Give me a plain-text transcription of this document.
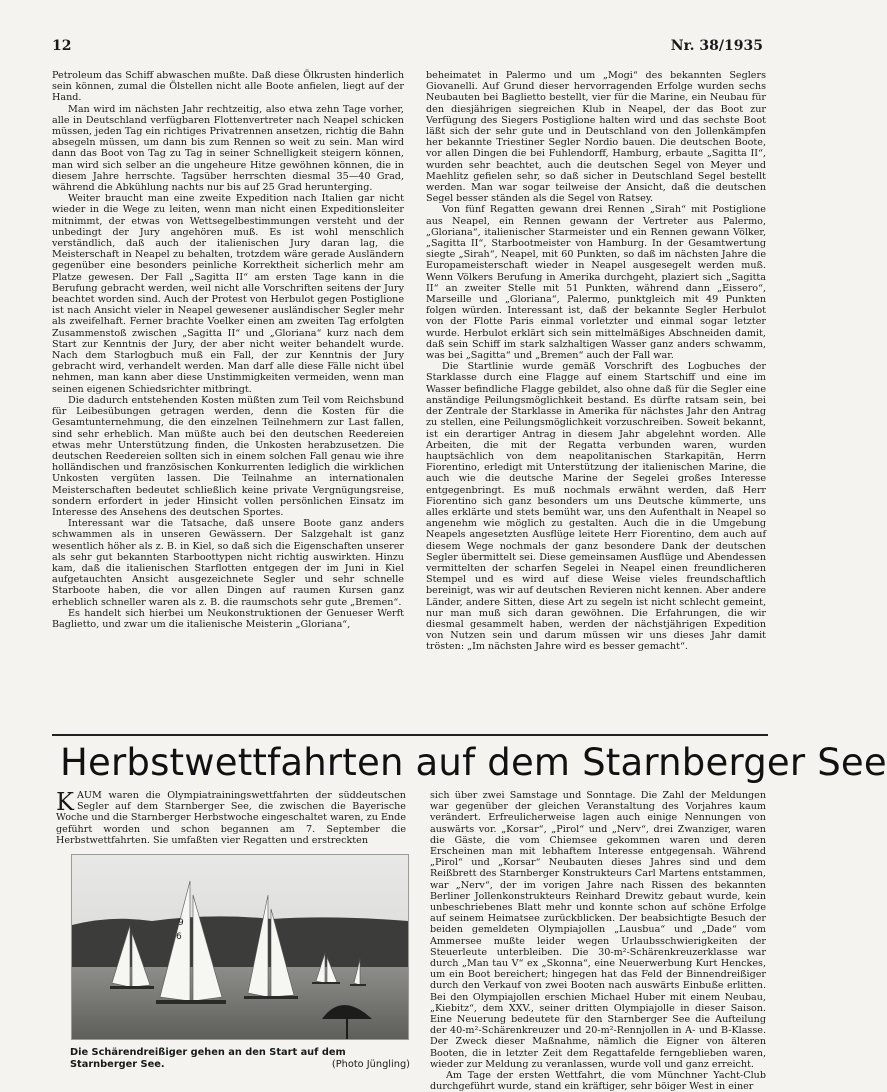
12	Nr. 38/1935

Petroleum das Schiff abwaschen mußte. Daß diese Ölkrusten hinderlich sein können, zumal die Ölstellen nicht alle Boote anfielen, liegt auf der Hand.

Man wird im nächsten Jahr rechtzeitig, also etwa zehn Tage vorher, alle in Deutschland verfügbaren Flottenvertreter nach Neapel schicken müssen, jeden Tag ein richtiges Privatrennen ansetzen, richtig die Bahn absegeln müssen, um dann bis zum Rennen so weit zu sein. Man wird dann das Boot von Tag zu Tag in seiner Schnelligkeit steigern können, man wird sich selber an die ungeheure Hitze gewöhnen können, die in diesem Jahre herrschte. Tagsüber herrschten diesmal 35—40 Grad, während die Abkühlung nachts nur bis auf 25 Grad herunterging.

Weiter braucht man eine zweite Expedition nach Italien gar nicht wieder in die Wege zu leiten, wenn man nicht einen Expeditionsleiter mitnimmt, der etwas von Wettsegelbestimmungen versteht und der unbedingt der Jury angehören muß. Es ist wohl menschlich verständlich, daß auch der italienischen Jury daran lag, die Meisterschaft in Neapel zu behalten, trotzdem wäre gerade Ausländern gegenüber eine besonders peinliche Korrektheit sicherlich mehr am Platze gewesen. Der Fall „Sagitta II“ am ersten Tage kann in die Berufung gebracht werden, weil nicht alle Vorschriften seitens der Jury beachtet worden sind. Auch der Protest von Herbulot gegen Postiglione ist nach Ansicht vieler in Neapel gewesener ausländischer Segler mehr als zweifelhaft. Ferner brachte Voelker einen am zweiten Tag erfolgten Zusammenstoß zwischen „Sagitta II“ und „Gloriana“ kurz nach dem Start zur Kenntnis der Jury, der aber nicht weiter behandelt wurde. Nach dem Starlogbuch muß ein Fall, der zur Kenntnis der Jury gebracht wird, verhandelt werden. Man darf alle diese Fälle nicht übel nehmen, man kann aber diese Unstimmigkeiten vermeiden, wenn man seinen eigenen Schiedsrichter mitbringt.

Die dadurch entstehenden Kosten müßten zum Teil vom Reichsbund für Leibesübungen getragen werden, denn die Kosten für die Gesamtunternehmung, die den einzelnen Teilnehmern zur Last fallen, sind sehr erheblich. Man müßte auch bei den deutschen Reedereien etwas mehr Unterstützung finden, die Unkosten herabzusetzen. Die deutschen Reedereien sollten sich in einem solchen Fall genau wie ihre holländischen und französischen Konkurrenten lediglich die wirklichen Unkosten vergüten lassen. Die Teilnahme an internationalen Meisterschaften bedeutet schließlich keine private Vergnügungsreise, sondern erfordert in jeder Hinsicht vollen persönlichen Einsatz im Interesse des Ansehens des deutschen Sportes.

Interessant war die Tatsache, daß unsere Boote ganz anders schwammen als in unseren Gewässern. Der Salzgehalt ist ganz wesentlich höher als z. B. in Kiel, so daß sich die Eigenschaften unserer als sehr gut bekannten Starboottypen nicht richtig auswirkten. Hinzu kam, daß die italienischen Starflotten entgegen der im Juni in Kiel aufgetauchten Ansicht ausgezeichnete Segler und sehr schnelle Starboote haben, die vor allen Dingen auf raumen Kursen ganz erheblich schneller waren als z. B. die raumschots sehr gute „Bremen“.

Es handelt sich hierbei um Neukonstruktionen der Genueser Werft Baglietto, und zwar um die italienische Meisterin „Gloriana“,

beheimatet in Palermo und um „Mogi“ des bekannten Seglers Giovanelli. Auf Grund dieser hervorragenden Erfolge wurden sechs Neubauten bei Baglietto bestellt, vier für die Marine, ein Neubau für den diesjährigen siegreichen Klub in Neapel, der das Boot zur Verfügung des Siegers Postiglione halten wird und das sechste Boot läßt sich der sehr gute und in Deutschland von den Jollenkämpfen her bekannte Triestiner Segler Nordio bauen. Die deutschen Boote, vor allen Dingen die bei Fuhlendorff, Hamburg, erbaute „Sagitta II“, wurden sehr beachtet, auch die deutschen Segel von Meyer und Maehlitz gefielen sehr, so daß sicher in Deutschland Segel bestellt werden. Man war sogar teilweise der Ansicht, daß die deutschen Segel besser ständen als die Segel von Ratsey.

Von fünf Regatten gewann drei Rennen „Sirah“ mit Postiglione aus Neapel, ein Rennen gewann der Vertreter aus Palermo, „Gloriana“, italienischer Starmeister und ein Rennen gewann Völker, „Sagitta II“, Starbootmeister von Hamburg. In der Gesamtwertung siegte „Sirah“, Neapel, mit 60 Punkten, so daß im nächsten Jahre die Europameisterschaft wieder in Neapel ausgesegelt werden muß. Wenn Völkers Berufung in Amerika durchgeht, plaziert sich „Sagitta II“ an zweiter Stelle mit 51 Punkten, während dann „Eissero“, Marseille und „Gloriana“, Palermo, punktgleich mit 49 Punkten folgen würden. Interessant ist, daß der bekannte Segler Herbulot von der Flotte Paris einmal vorletzter und einmal sogar letzter wurde. Herbulot erklärt sich sein mittelmäßiges Abschneiden damit, daß sein Schiff im stark salzhaltigen Wasser ganz anders schwamm, was bei „Sagitta“ und „Bremen“ auch der Fall war.

Die Startlinie wurde gemäß Vorschrift des Logbuches der Starklasse durch eine Flagge auf einem Startschiff und eine im Wasser befindliche Flagge gebildet, also ohne daß für die Segler eine anständige Peilungsmöglichkeit bestand. Es dürfte ratsam sein, bei der Zentrale der Starklasse in Amerika für nächstes Jahr den Antrag zu stellen, eine Peilungsmöglichkeit vorzuschreiben. Soweit bekannt, ist ein derartiger Antrag in diesem Jahr abgelehnt worden. Alle Arbeiten, die mit der Regatta verbunden waren, wurden hauptsächlich von dem neapolitanischen Starkapitän, Herrn Fiorentino, erledigt mit Unterstützung der italienischen Marine, die auch wie die deutsche Marine der Segelei großes Interesse entgegenbringt. Es muß nochmals erwähnt werden, daß Herr Fiorentino sich ganz besonders um uns Deutsche kümmerte, uns alles erklärte und stets bemüht war, uns den Aufenthalt in Neapel so angenehm wie möglich zu gestalten. Auch die in die Umgebung Neapels angesetzten Ausflüge leitete Herr Fiorentino, dem auch auf diesem Wege nochmals der ganz besondere Dank der deutschen Segler übermittelt sei. Diese gemeinsamen Ausflüge und Abendessen vermittelten der scharfen Segelei in Neapel einen freundlicheren Stempel und es wird auf diese Weise vieles freundschaftlich bereinigt, was wir auf deutschen Revieren nicht kennen. Aber andere Länder, andere Sitten, diese Art zu segeln ist nicht schlecht gemeint, nur man muß sich daran gewöhnen. Die Erfahrungen, die wir diesmal gesammelt haben, werden der nächstjährigen Expedition von Nutzen sein und darum müssen wir uns dieses Jahr damit trösten: „Im nächsten Jahre wird es besser gemacht“.

Herbstwettfahrten auf dem Starnberger See

KAUM waren die Olympiatrainingswettfahrten der süddeutschen Segler auf dem Starnberger See, die zwischen die Bayerische Woche und die Starnberger Herbstwoche eingeschaltet waren, zu Ende geführt worden und schon begannen am 7. September die Herbstwettfahrten. Sie umfaßten vier Regatten und erstreckten

9
6
Die Schärendreißiger gehen an den Start auf dem Starnberger See.	(Photo Jüngling)

sich über zwei Samstage und Sonntage. Die Zahl der Meldungen war gegenüber der gleichen Veranstaltung des Vorjahres kaum verändert. Erfreulicherweise lagen auch einige Nennungen von auswärts vor. „Korsar“, „Pirol“ und „Nerv“, drei Zwanziger, waren die Gäste, die vom Chiemsee gekommen waren und deren Erscheinen man mit lebhaftem Interesse entgegensah. Während „Pirol“ und „Korsar“ Neubauten dieses Jahres sind und dem Reißbrett des Starnberger Konstrukteurs Carl Martens entstammen, war „Nerv“, der im vorigen Jahre nach Rissen des bekannten Berliner Jollenkonstrukteurs Reinhard Drewitz gebaut wurde, kein unbeschriebenes Blatt mehr und konnte schon auf schöne Erfolge auf seinem Heimatsee zurückblicken. Der beabsichtigte Besuch der beiden gemeldeten Olympiajollen „Lausbua“ und „Dade“ vom Ammersee mußte leider wegen Urlaubsschwierigkeiten der Steuerleute unterbleiben. Die 30-m²-Schärenkreuzerklasse war durch „Man tau V“ ex „Skonna“, eine Neuerwerbung Kurt Henckes, um ein Boot bereichert; hingegen hat das Feld der Binnendreißiger durch den Verkauf von zwei Booten nach auswärts Einbuße erlitten. Bei den Olympiajollen erschien Michael Huber mit einem Neubau, „Kiebitz“, dem XXV., seiner dritten Olympiajolle in dieser Saison. Eine Neuerung bedeutete für den Starnberger See die Aufteilung der 40-m²-Schärenkreuzer und 20-m²-Rennjollen in A- und B-Klasse. Der Zweck dieser Maßnahme, nämlich die Eigner von älteren Booten, die in letzter Zeit dem Regattafelde ferngeblieben waren, wieder zur Meldung zu veranlassen, wurde voll und ganz erreicht.

Am Tage der ersten Wettfahrt, die vom Münchner Yacht-Club durchgeführt wurde, stand ein kräftiger, sehr böiger West in einer
